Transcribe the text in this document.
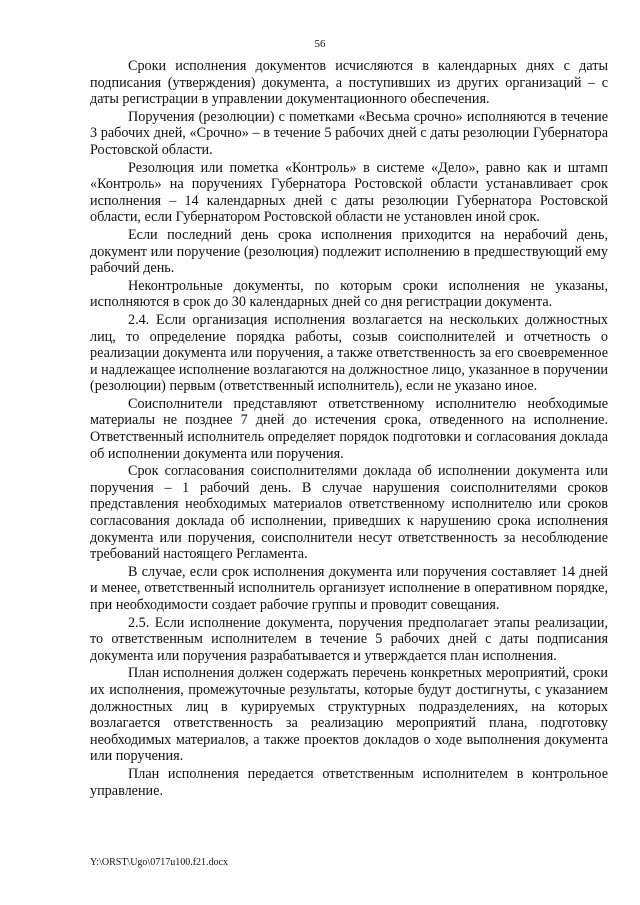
56

Сроки исполнения документов исчисляются в календарных днях с даты подписания (утверждения) документа, а поступивших из других организаций – с даты регистрации в управлении документационного обеспечения.

Поручения (резолюции) с пометками «Весьма срочно» исполняются в течение 3 рабочих дней, «Срочно» – в течение 5 рабочих дней с даты резолюции Губернатора Ростовской области.

Резолюция или пометка «Контроль» в системе «Дело», равно как и штамп «Контроль» на поручениях Губернатора Ростовской области устанавливает срок исполнения – 14 календарных дней с даты резолюции Губернатора Ростовской области, если Губернатором Ростовской области не установлен иной срок.

Если последний день срока исполнения приходится на нерабочий день, документ или поручение (резолюция) подлежит исполнению в предшествующий ему рабочий день.

Неконтрольные документы, по которым сроки исполнения не указаны, исполняются в срок до 30 календарных дней со дня регистрации документа.

2.4. Если организация исполнения возлагается на нескольких должностных лиц, то определение порядка работы, созыв соисполнителей и отчетность о реализации документа или поручения, а также ответственность за его своевременное и надлежащее исполнение возлагаются на должностное лицо, указанное в поручении (резолюции) первым (ответственный исполнитель), если не указано иное.

Соисполнители представляют ответственному исполнителю необходимые материалы не позднее 7 дней до истечения срока, отведенного на исполнение. Ответственный исполнитель определяет порядок подготовки и согласования доклада об исполнении документа или поручения.

Срок согласования соисполнителями доклада об исполнении документа или поручения – 1 рабочий день. В случае нарушения соисполнителями сроков представления необходимых материалов ответственному исполнителю или сроков согласования доклада об исполнении, приведших к нарушению срока исполнения документа или поручения, соисполнители несут ответственность за несоблюдение требований настоящего Регламента.

В случае, если срок исполнения документа или поручения составляет 14 дней и менее, ответственный исполнитель организует исполнение в оперативном порядке, при необходимости создает рабочие группы и проводит совещания.

2.5. Если исполнение документа, поручения предполагает этапы реализации, то ответственным исполнителем в течение 5 рабочих дней с даты подписания документа или поручения разрабатывается и утверждается план исполнения.

План исполнения должен содержать перечень конкретных мероприятий, сроки их исполнения, промежуточные результаты, которые будут достигнуты, с указанием должностных лиц в курируемых структурных подразделениях, на которых возлагается ответственность за реализацию мероприятий плана, подготовку необходимых материалов, а также проектов докладов о ходе выполнения документа или поручения.

План исполнения передается ответственным исполнителем в контрольное управление.

Y:\ORST\Ugo\0717u100.f21.docx
